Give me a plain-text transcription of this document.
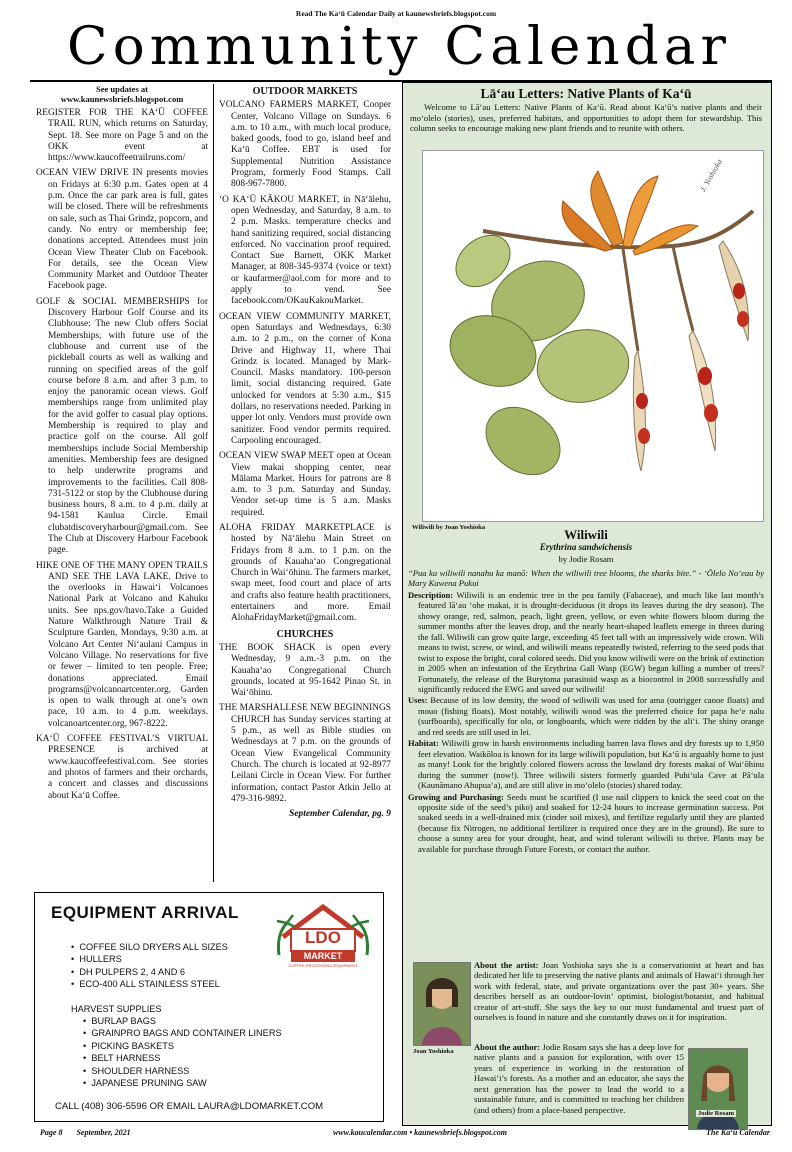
Read The Ka‘ū Calendar Daily at kaunewsbriefs.blogspot.com
Community Calendar
See updates at
www.kaunewsbriefs.blogspot.com

REGISTER FOR THE KA‘Ū COFFEE TRAIL RUN, which returns on Saturday, Sept. 18. See more on Page 5 and on the OKK event at https://www.kaucoffeetrailruns.com/

OCEAN VIEW DRIVE IN presents movies on Fridays at 6:30 p.m. Gates open at 4 p.m. Once the car park area is full, gates will be closed. There will be refreshments on sale, such as Thai Grindz, popcorn, and candy. No entry or membership fee; donations accepted. Attendees must join Ocean View Theater Club on Facebook. For details, see the Ocean View Community Market and Outdoor Theater Facebook page.

GOLF & SOCIAL MEMBERSHIPS for Discovery Harbour Golf Course and its Clubhouse: The new Club offers Social Memberships, with future use of the clubhouse and current use of the pickleball courts as well as walking and running on specified areas of the golf course before 8 a.m. and after 3 p.m. to enjoy the panoramic ocean views. Golf memberships range from unlimited play for the avid golfer to casual play options. Membership is required to play and practice golf on the course. All golf memberships include Social Membership amenities. Membership fees are designed to help underwrite programs and improvements to the facilities. Call 808-731-5122 or stop by the Clubhouse during business hours, 8 a.m. to 4 p.m. daily at 94-1581 Kaulua Circle. Email clubatdiscoveryharbour@gmail.com. See The Club at Discovery Harbour Facebook page.

HIKE ONE OF THE MANY OPEN TRAILS AND SEE THE LAVA LAKE. Drive to the overlooks in Hawai‘i Volcanoes National Park at Volcano and Kahuku units. See nps.gov/havo.Take a Guided Nature Walkthrough Nature Trail & Sculpture Garden, Mondays, 9:30 a.m. at Volcano Art Center Ni‘aulani Campus in Volcano Village. No reservations for five or fewer – limited to ten people. Free; donations appreciated. Email programs@volcanoartcenter.org. Garden is open to walk through at one’s own pace, 10 a.m. to 4 p.m. weekdays. volcanoartcenter.org, 967-8222.

KA‘Ū COFFEE FESTIVAL’S VIRTUAL PRESENCE is archived at www.kaucoffeefestival.com. See stories and photos of farmers and their orchards, a concert and classes and discussions about Ka‘ū Coffee.

OUTDOOR MARKETS

VOLCANO FARMERS MARKET, Cooper Center, Volcano Village on Sundays. 6 a.m. to 10 a.m., with much local produce, baked goods, food to go, island beef and Ka‘ū Coffee. EBT is used for Supplemental Nutrition Assistance Program, formerly Food Stamps. Call 808-967-7800.

‘O KA‘Ū KĀKOU MARKET, in Nā‘ālehu, open Wednesday, and Saturday, 8 a.m. to 2 p.m. Masks. temperature checks and hand sanitizing required, social distancing enforced. No vaccination proof required. Contact Sue Barnett, OKK Market Manager, at 808-345-9374 (voice or text) or kaufarmer@aol.com for more and to apply to vend. See facebook.com/OKauKakouMarket.

OCEAN VIEW COMMUNITY MARKET, open Saturdays and Wednesdays, 6:30 a.m. to 2 p.m., on the corner of Kona Drive and Highway 11, where Thai Grindz is located. Managed by Mark-Council. Masks mandatory. 100-person limit, social distancing required. Gate unlocked for vendors at 5:30 a.m., $15 dollars, no reservations needed. Parking in upper lot only. Vendors must provide own sanitizer. Food vendor permits required. Carpooling encouraged.

OCEAN VIEW SWAP MEET open at Ocean View makai shopping center, near Mālama Market. Hours for patrons are 8 a.m. to 3 p.m. Saturday and Sunday. Vendor set-up time is 5 a.m. Masks required.

ALOHA FRIDAY MARKETPLACE is hosted by Nā‘ālehu Main Street on Fridays from 8 a.m. to 1 p.m. on the grounds of Kauaha‘ao Congregational Church in Wai‘ōhinu. The farmers market, swap meet, food court and place of arts and crafts also feature health practitioners, entertainers and more. Email AlohaFridayMarket@gmail.com.

CHURCHES

THE BOOK SHACK is open every Wednesday, 9 a.m.-3 p.m. on the Kauaha‘ao Congregational Church grounds, located at 95-1642 Pinao St. in Wai‘ōhinu.

THE MARSHALLESE NEW BEGINNINGS CHURCH has Sunday services starting at 5 p.m., as well as Bible studies on Wednesdays at 7 p.m. on the grounds of Ocean View Evangelical Community Church. The church is located at 92-8977 Leilani Circle in Ocean View. For further information, contact Pastor Atkin Jello at 479-316-9892.

September Calendar, pg. 9
Lā‘au Letters: Native Plants of Ka‘ū
Welcome to Lā‘au Letters: Native Plants of Ka‘ū. Read about Ka‘ū’s native plants and their mo‘olelo (stories), uses, preferred habitats, and opportunities to adopt them for stewardship. This column seeks to encourage making new plant friends and to reunite with others.
J. Yoshioka
Wiliwili by Joan Yoshioka	Wiliwili
Erythrina sandwichensis
by Jodie Rosam
“Pua ka wiliwili nanahu ka manō: When the wiliwili tree blooms, the sharks bite.” - ‘Ōlelo No‘eau by Mary Kawena Pukui

Description: Wiliwili is an endemic tree in the pea family (Fabaceae), and much like last month’s featured lā‘au ‘ohe makai, it is drought-deciduous (it drops its leaves during the dry season). The showy orange, red, salmon, peach, light green, yellow, or even white flowers bloom during the summer months after the leaves drop, and the nearly heart-shaped leaflets emerge in threes during the fall. Wiliwili can grow quite large, exceeding 45 feet tall with an impressively wide crown. Wili means to twist, screw, or wind, and wiliwili means repeatedly twisted, referring to the seed pods that twist to expose the bright, coral colored seeds. Did you know wiliwili were on the brink of extinction in 2005 when an infestation of the Erythrina Gall Wasp (EGW) began killing a number of trees? Fortunately, the release of the Burytoma parasitoid wasp as a biocontrol in 2008 successfully and significantly reduced the EWG and saved our wiliwili!

Uses: Because of its low density, the wood of wiliwili was used for ama (outrigger canoe floats) and mouo (fishing floats). Most notably, wiliwili wood was the preferred choice for papa he‘e nalu (surfboards), specifically for olo, or longboards, which were ridden by the ali‘i. The shiny orange and red seeds are still used in lei.

Habitat: Wiliwili grow in harsh environments including barren lava flows and dry forests up to 1,950 feet elevation. Waikōloa is known for its large wiliwili population, but Ka‘ū is arguably home to just as many! Look for the brightly colored flowers across the lowland dry forests makai of Wai‘ōhinu during the summer (now!). Three wiliwili sisters formerly guarded Puhi‘ula Cave at Pā‘ula (Kaunāmano Ahupua‘a), and are still alive in mo‘olelo (stories) shared today.

Growing and Purchasing: Seeds must be scarified (I use nail clippers to knick the seed coat on the opposite side of the seed’s piko) and soaked for 12-24 hours to increase germination success. Pot soaked seeds in a well-drained mix (cinder soil mixes), and fertilize regularly until they are planted (because fix Nitrogen, no additional fertilizer is required once they are in the ground). Be sure to choose a sunny area for your drought, heat, and wind tolerant wiliwili to thrive. Plants may be available for purchase through Future Forests, or contact the author.

Joan Yoshioka
About the artist: Joan Yoshioka says she is a conservationist at heart and has dedicated her life to preserving the native plants and animals of Hawai‘i through her work with federal, state, and private organizations over the past 30+ years. She describes herself as an outdoor-lovin’ optimist, biologist/botanist, and habitual creator of art-stuff. She says the key to our most fundamental and truest part of ourselves is found in nature and she constantly draws on it for inspiration.
About the author: Jodie Rosam says she has a deep love for native plants and a passion for exploration, with over 15 years of experience in working in the restoration of Hawai‘i’s forests. As a mother and an educator, she says the next generation has the power to lead the world to a sustainable future, and is committed to teaching her children (and others) from a place-based perspective.	Jodie Rosam
EQUIPMENT ARRIVAL
LDO
MARKET
COFFEE PROCESSING EQUIPMENT
•  COFFEE SILO DRYERS ALL SIZES
•  HULLERS
•  DH PULPERS 2, 4 AND 6
•  ECO-400 ALL STAINLESS STEEL
HARVEST SUPPLIES
•  BURLAP BAGS
•  GRAINPRO BAGS AND CONTAINER LINERS
•  PICKING BASKETS
•  BELT HARNESS
•  SHOULDER HARNESS
•  JAPANESE PRUNING SAW
CALL (408) 306-5596 OR EMAIL LAURA@LDOMARKET.COM
Page 8 September, 2021	www.kaucalendar.com • kaunewsbriefs.blogspot.com	The Ka‘ū Calendar
